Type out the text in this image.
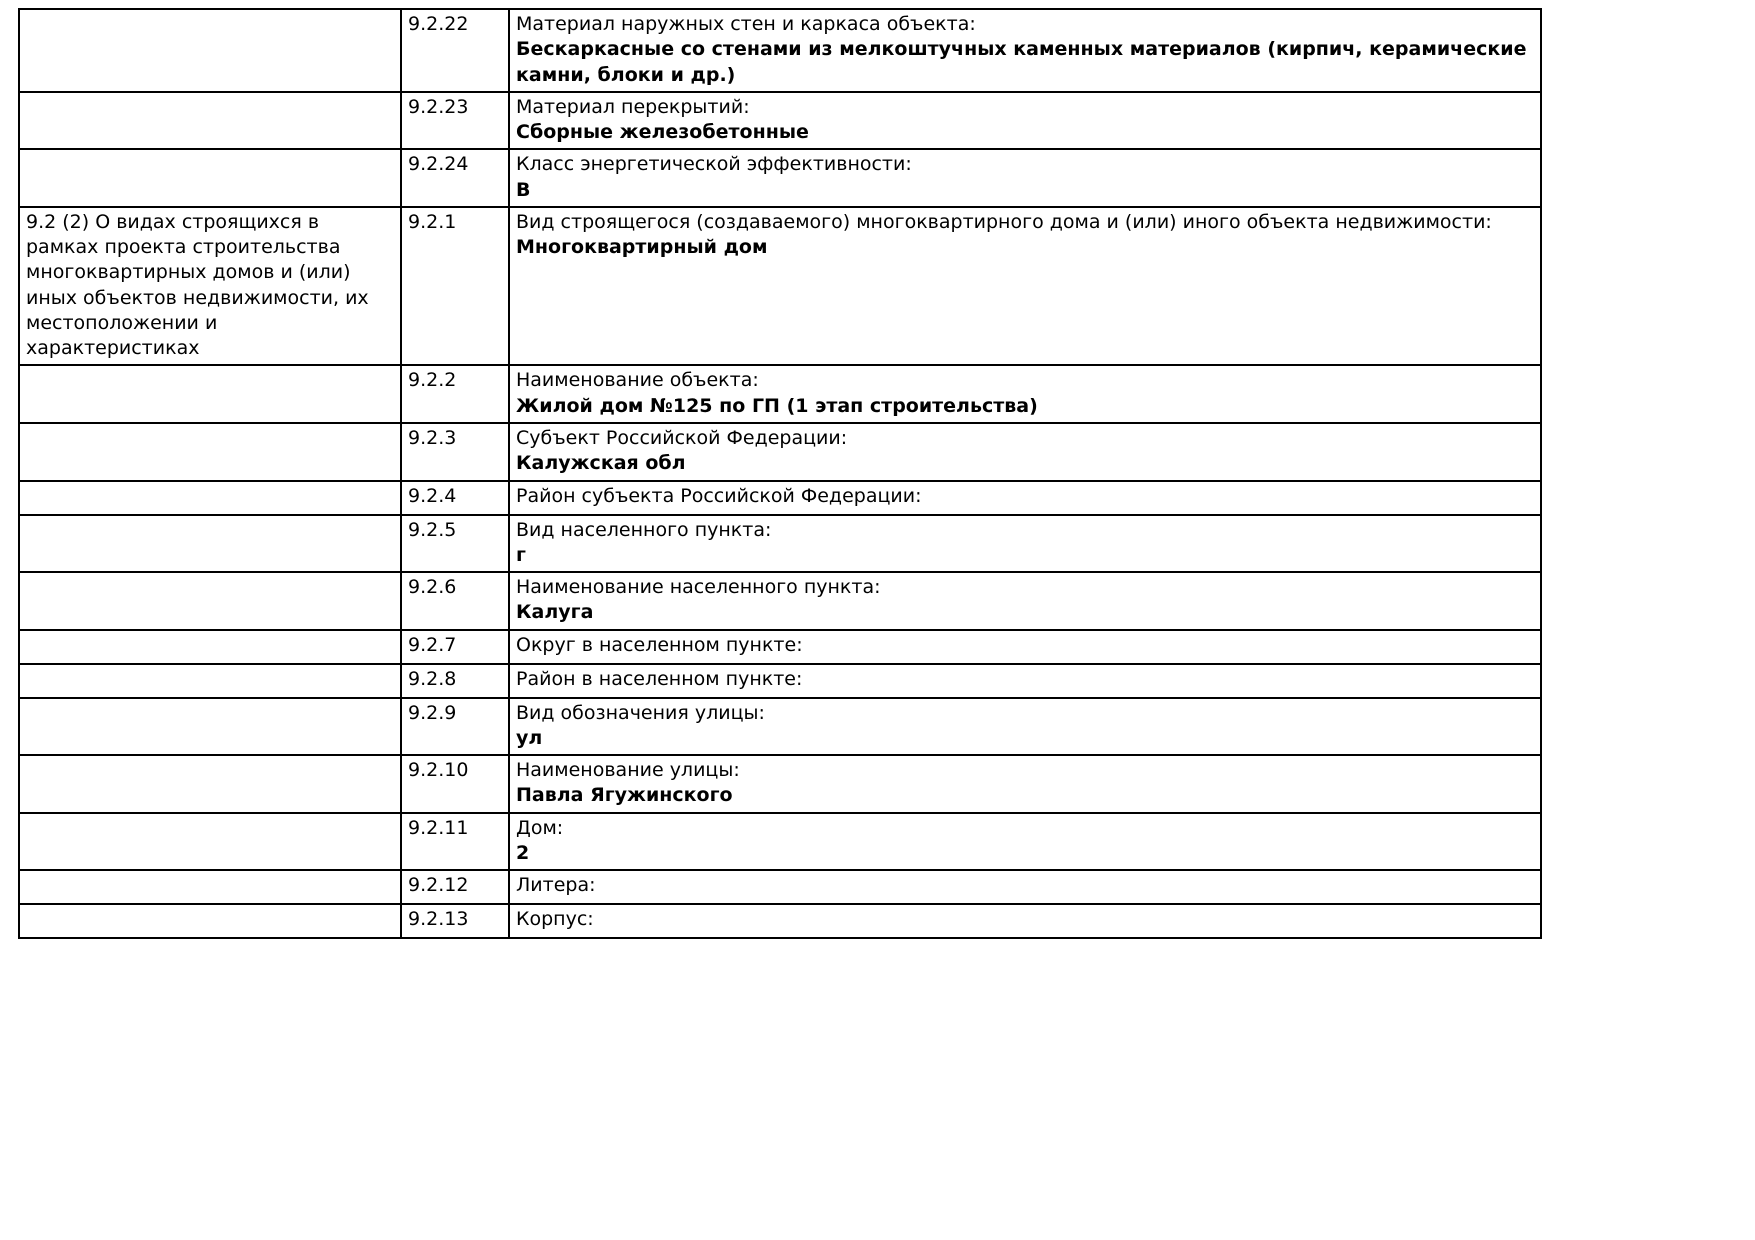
	9.2.22	Материал наружных стен и каркаса объекта:
Бескаркасные со стенами из мелкоштучных каменных материалов (кирпич, керамические камни, блоки и др.)

	9.2.23	Материал перекрытий:
Сборные железобетонные

	9.2.24	Класс энергетической эффективности:
В

9.2 (2) О видах строящихся в рамках проекта строительства многоквартирных домов и (или) иных объектов недвижимости, их местоположении и характеристиках	9.2.1	Вид строящегося (создаваемого) многоквартирного дома и (или) иного объекта недвижимости:
Многоквартирный дом

	9.2.2	Наименование объекта:
Жилой дом №125 по ГП (1 этап строительства)

	9.2.3	Субъект Российской Федерации:
Калужская обл

	9.2.4	Район субъекта Российской Федерации:

	9.2.5	Вид населенного пункта:
г

	9.2.6	Наименование населенного пункта:
Калуга

	9.2.7	Округ в населенном пункте:

	9.2.8	Район в населенном пункте:

	9.2.9	Вид обозначения улицы:
ул

	9.2.10	Наименование улицы:
Павла Ягужинского

	9.2.11	Дом:
2

	9.2.12	Литера:

	9.2.13	Корпус:
